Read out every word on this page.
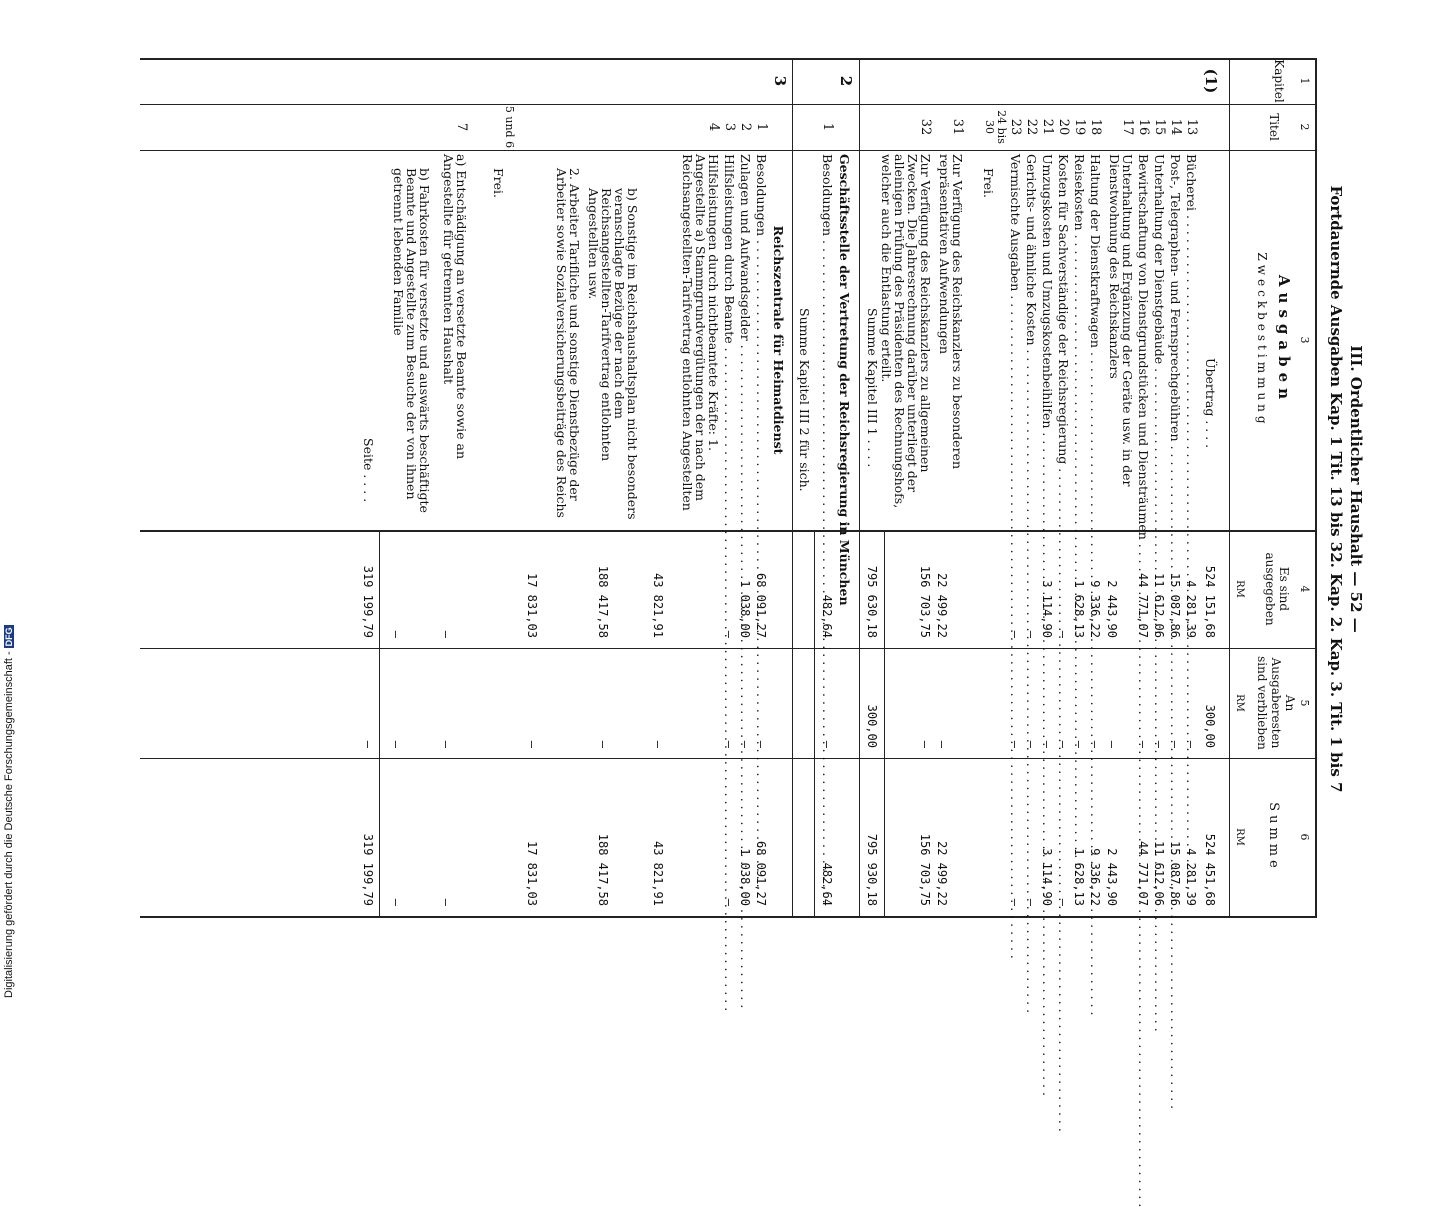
III. Ordentlicher Haushalt — 52 —
Fortdauernde Ausgaben Kap. 1 Tit. 13 bis 32. Kap. 2. Kap. 3. Tit. 1 bis 7
1
Kapitel
2
Titel
3
Ausgaben
Zweckbestimmung
4
Es sind ausgegeben
RM
5
An Ausgaberesten sind verblieben
RM
6
Summe
RM
(1)
Übertrag . . . .
524 151,68
300,00
524 451,68
13
Bücherei . . .
4 281,39
—
4 281,39
14
Post-, Telegraphen- und Fernsprechgebühren . . .
15 087,86
—
15 087,86
15
Unterhaltung der Dienstgebäude . . .
11 612,06
—
11 612,06
16
Bewirtschaftung von Dienstgrundstücken und Diensträumen . . .
44 771,07
—
44 771,07
17
Unterhaltung und Ergänzung der Geräte usw. in der Dienstwohnung des Reichskanzlers
2 443,90
—
2 443,90
18
Haltung der Dienstkraftwagen . . .
9 336,22
—
9 336,22
19
Reisekosten . . .
1 628,13
—
1 628,13
20
Kosten für Sachverständige der Reichsregierung . . .
—
—
—
21
Umzugskosten und Umzugskostenbeihilfen . . .
3 114,90
—
3 114,90
22
Gerichts- und ähnliche Kosten . . .
—
—
—
23
Vermischte Ausgaben . . .
—
—
—
24 bis 30
Frei.
31
Zur Verfügung des Reichskanzlers zu besonderen repräsentativen Aufwendungen
22 499,22
—
22 499,22
32
Zur Verfügung des Reichskanzlers zu allgemeinen Zwecken. Die Jahresrechnung darüber unterliegt der alleinigen Prüfung des Präsidenten des Rechnungshofs, welcher auch die Entlastung erteilt.
156 703,75
—
156 703,75
Summe Kapitel III 1 . . . .
795 630,18
300,00
795 930,18
2
Geschäftsstelle der Vertretung der Reichsregierung in München
1
Besoldungen . . .
482,64
—
482,64
Summe Kapitel III 2 für sich.
3
Reichszentrale für Heimatdienst
1
Besoldungen . . .
68 091,27
—
68 091,27
2
Zulagen und Aufwandsgelder . . .
1 038,00
—
1 038,00
3
Hilfsleistungen durch Beamte . . .
—
—
—
4
Hilfsleistungen durch nichtbeamtete Kräfte: 1. Angestellte a) Stammgrundvergütungen der nach dem Reichsangestellten-Tarifvertrag entlohnten Angestellten
43 821,91
—
43 821,91
b) Sonstige im Reichshaushaltsplan nicht besonders veranschlagte Bezüge der nach dem Reichsangestellten-Tarifvertrag entlohnten Angestellten usw.
188 417,58
—
188 417,58
2. Arbeiter Tarifliche und sonstige Dienstbezüge der Arbeiter sowie Sozialversicherungsbeiträge des Reichs
17 831,03
—
17 831,03
5 und 6
Frei.
7
a) Entschädigung an versetzte Beamte sowie an Angestellte für getrennten Haushalt
—
—
—
b) Fahrkosten für versetzte und auswärts beschäftigte Beamte und Angestellte zum Besuche der von ihnen getrennt lebenden Familie
—
—
—
Seite . . . .
319 199,79
—
319 199,79
Digitalisierung gefördert durch die Deutsche Forschungsgemeinschaft -DFG
